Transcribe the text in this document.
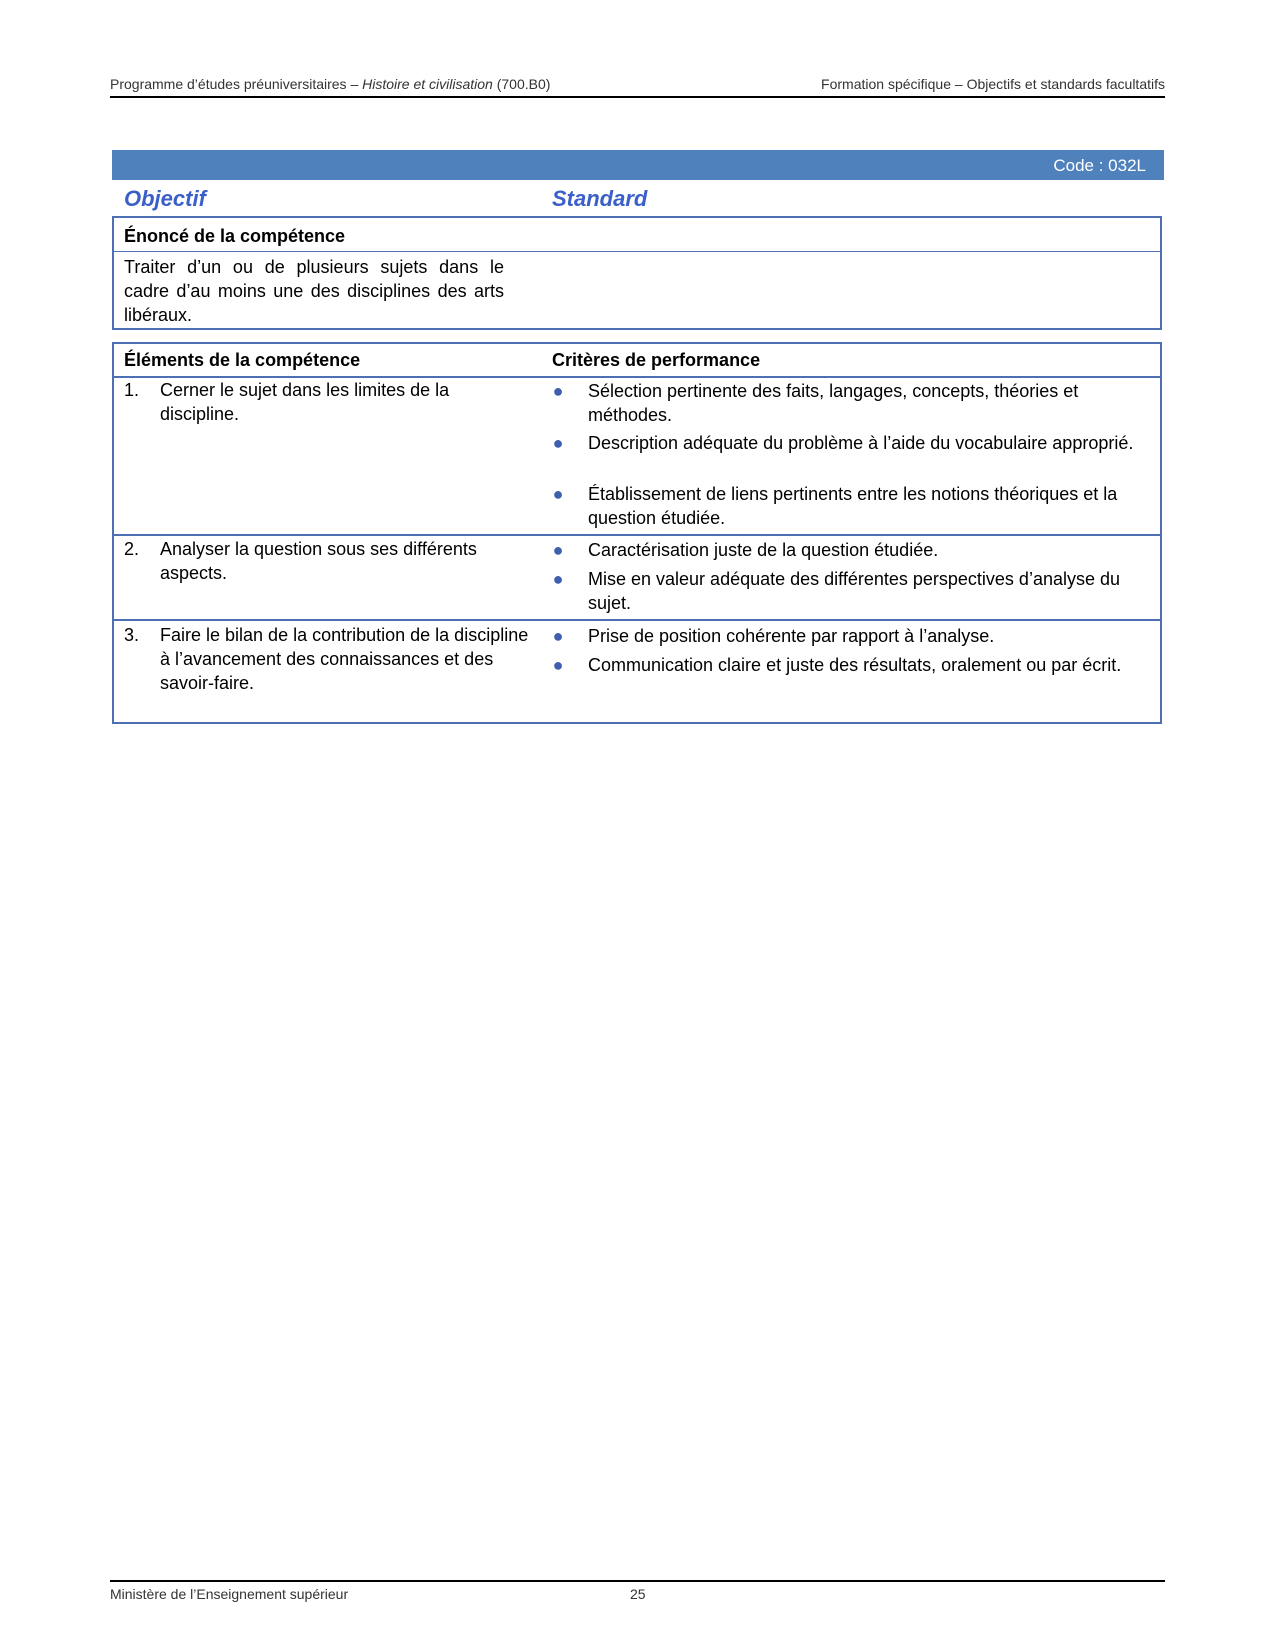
Programme d’études préuniversitaires – Histoire et civilisation (700.B0)	Formation spécifique – Objectifs et standards facultatifs
Code : 032L
Objectif	Standard
Énoncé de la compétence
Traiter d’un ou de plusieurs sujets dans le cadre d’au moins une des disciplines des arts libéraux.
Éléments de la compétence	Critères de performance
1. Cerner le sujet dans les limites de la discipline.
● Sélection pertinente des faits, langages, concepts, théories et méthodes.
● Description adéquate du problème à l’aide du vocabulaire approprié.
● Établissement de liens pertinents entre les notions théoriques et la question étudiée.
2. Analyser la question sous ses différents aspects.
● Caractérisation juste de la question étudiée.
● Mise en valeur adéquate des différentes perspectives d’analyse du sujet.
3. Faire le bilan de la contribution de la discipline à l’avancement des connaissances et des savoir-faire.
● Prise de position cohérente par rapport à l’analyse.
● Communication claire et juste des résultats, oralement ou par écrit.
Ministère de l’Enseignement supérieur	25
